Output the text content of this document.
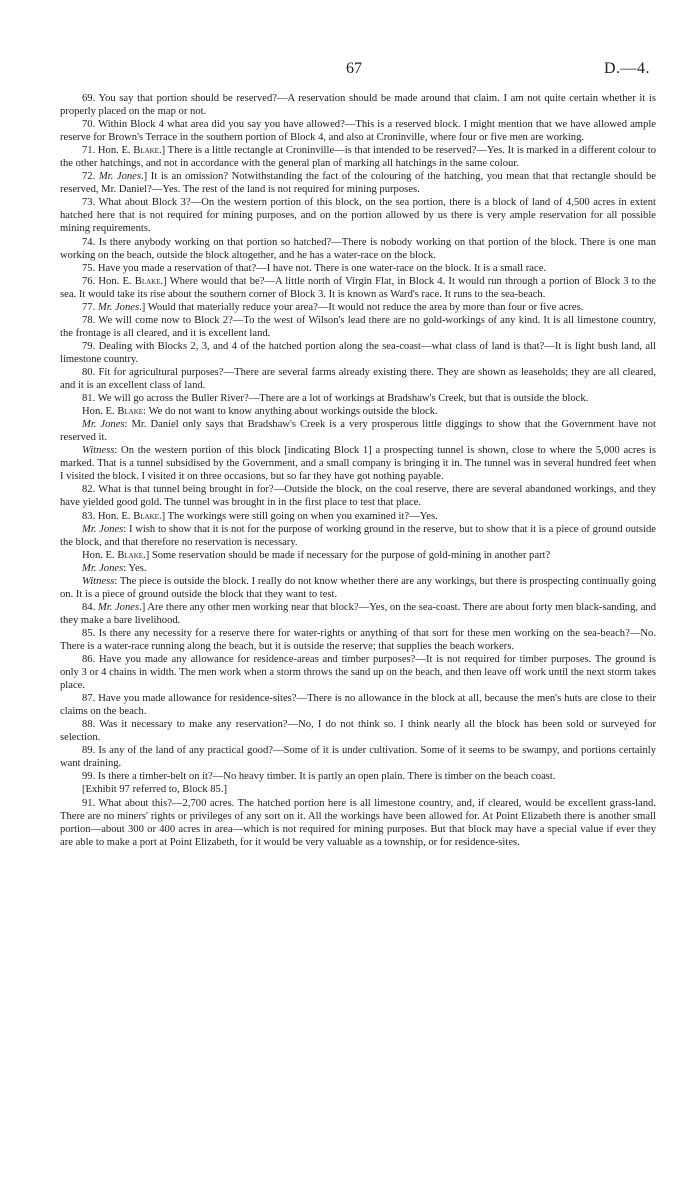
67	D.—4.

69. You say that portion should be reserved?—A reservation should be made around that claim. I am not quite certain whether it is properly placed on the map or not.

70. Within Block 4 what area did you say you have allowed?—This is a reserved block. I might mention that we have allowed ample reserve for Brown's Terrace in the southern portion of Block 4, and also at Croninville, where four or five men are working.

71. Hon. E. Blake.] There is a little rectangle at Croninville—is that intended to be reserved?—Yes. It is marked in a different colour to the other hatchings, and not in accordance with the general plan of marking all hatchings in the same colour.

72. Mr. Jones.] It is an omission? Notwithstanding the fact of the colouring of the hatching, you mean that that rectangle should be reserved, Mr. Daniel?—Yes. The rest of the land is not required for mining purposes.

73. What about Block 3?—On the western portion of this block, on the sea portion, there is a block of land of 4,500 acres in extent hatched here that is not required for mining purposes, and on the portion allowed by us there is very ample reservation for all possible mining requirements.

74. Is there anybody working on that portion so hatched?—There is nobody working on that portion of the block. There is one man working on the beach, outside the block altogether, and he has a water-race on the block.

75. Have you made a reservation of that?—I have not. There is one water-race on the block. It is a small race.

76. Hon. E. Blake.] Where would that be?—A little north of Virgin Flat, in Block 4. It would run through a portion of Block 3 to the sea. It would take its rise about the southern corner of Block 3. It is known as Ward's race. It runs to the sea-beach.

77. Mr. Jones.] Would that materially reduce your area?—It would not reduce the area by more than four or five acres.

78. We will come now to Block 2?—To the west of Wilson's lead there are no gold-workings of any kind. It is all limestone country, the frontage is all cleared, and it is excellent land.

79. Dealing with Blocks 2, 3, and 4 of the hatched portion along the sea-coast—what class of land is that?—It is light bush land, all limestone country.

80. Fit for agricultural purposes?—There are several farms already existing there. They are shown as leaseholds; they are all cleared, and it is an excellent class of land.

81. We will go across the Buller River?—There are a lot of workings at Bradshaw's Creek, but that is outside the block.

Hon. E. Blake: We do not want to know anything about workings outside the block.

Mr. Jones: Mr. Daniel only says that Bradshaw's Creek is a very prosperous little diggings to show that the Government have not reserved it.

Witness: On the western portion of this block [indicating Block 1] a prospecting tunnel is shown, close to where the 5,000 acres is marked. That is a tunnel subsidised by the Government, and a small company is bringing it in. The tunnel was in several hundred feet when I visited the block. I visited it on three occasions, but so far they have got nothing payable.

82. What is that tunnel being brought in for?—Outside the block, on the coal reserve, there are several abandoned workings, and they have yielded good gold. The tunnel was brought in in the first place to test that place.

83. Hon. E. Blake.] The workings were still going on when you examined it?—Yes.

Mr. Jones: I wish to show that it is not for the purpose of working ground in the reserve, but to show that it is a piece of ground outside the block, and that therefore no reservation is necessary.

Hon. E. Blake.] Some reservation should be made if necessary for the purpose of gold-mining in another part?

Mr. Jones: Yes.

Witness: The piece is outside the block. I really do not know whether there are any workings, but there is prospecting continually going on. It is a piece of ground outside the block that they want to test.

84. Mr. Jones.] Are there any other men working near that block?—Yes, on the sea-coast. There are about forty men black-sanding, and they make a bare livelihood.

85. Is there any necessity for a reserve there for water-rights or anything of that sort for these men working on the sea-beach?—No. There is a water-race running along the beach, but it is outside the reserve; that supplies the beach workers.

86. Have you made any allowance for residence-areas and timber purposes?—It is not required for timber purposes. The ground is only 3 or 4 chains in width. The men work when a storm throws the sand up on the beach, and then leave off work until the next storm takes place.

87. Have you made allowance for residence-sites?—There is no allowance in the block at all, because the men's huts are close to their claims on the beach.

88. Was it necessary to make any reservation?—No, I do not think so. I think nearly all the block has been sold or surveyed for selection.

89. Is any of the land of any practical good?—Some of it is under cultivation. Some of it seems to be swampy, and portions certainly want draining.

99. Is there a timber-belt on it?—No heavy timber. It is partly an open plain. There is timber on the beach coast.

[Exhibit 97 referred to, Block 85.]

91. What about this?—2,700 acres. The hatched portion here is all limestone country, and, if cleared, would be excellent grass-land. There are no miners' rights or privileges of any sort on it. All the workings have been allowed for. At Point Elizabeth there is another small portion—about 300 or 400 acres in area—which is not required for mining purposes. But that block may have a special value if ever they are able to make a port at Point Elizabeth, for it would be very valuable as a township, or for residence-sites.
